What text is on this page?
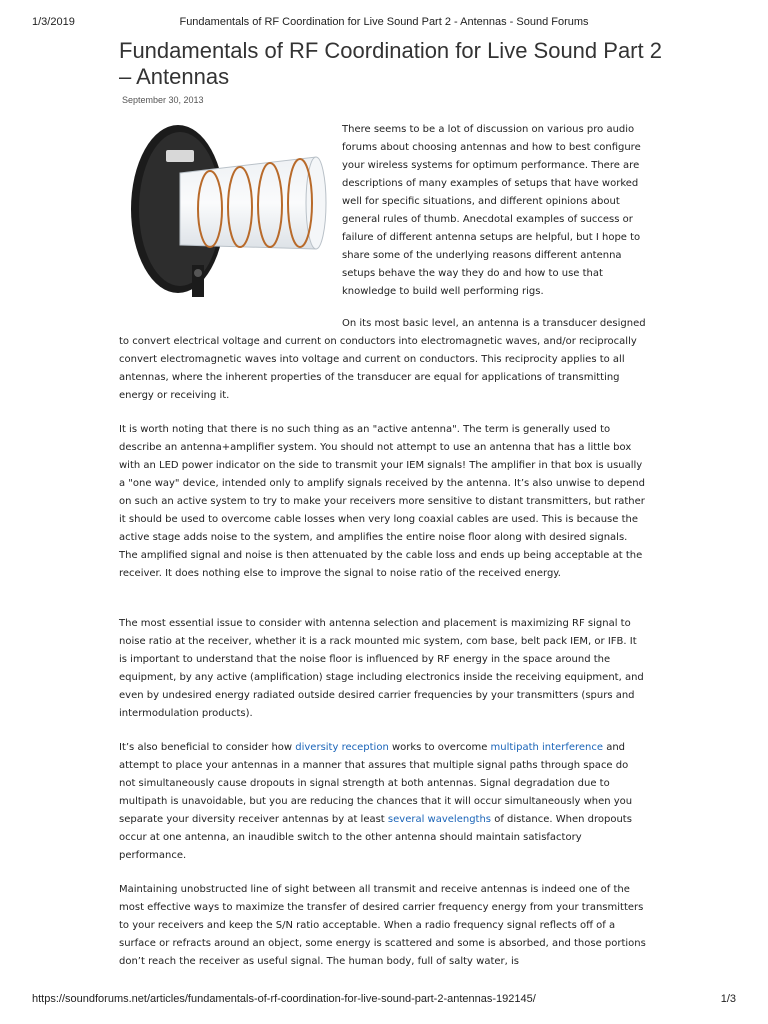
1/3/2019	Fundamentals of RF Coordination for Live Sound Part 2 - Antennas - Sound Forums
Fundamentals of RF Coordination for Live Sound Part 2 – Antennas
September 30, 2013

There seems to be a lot of discussion on various pro audio forums about choosing antennas and how to best configure your wireless systems for optimum performance. There are descriptions of many examples of setups that have worked well for specific situations, and different opinions about general rules of thumb. Anecdotal examples of success or failure of different antenna setups are helpful, but I hope to share some of the underlying reasons different antenna setups behave the way they do and how to use that knowledge to build well performing rigs.

On its most basic level, an antenna is a transducer designed to convert electrical voltage and current on conductors into electromagnetic waves, and/or reciprocally convert electromagnetic waves into voltage and current on conductors. This reciprocity applies to all antennas, where the inherent properties of the transducer are equal for applications of transmitting energy or receiving it.

It is worth noting that there is no such thing as an "active antenna". The term is generally used to describe an antenna+amplifier system. You should not attempt to use an antenna that has a little box with an LED power indicator on the side to transmit your IEM signals! The amplifier in that box is usually a "one way" device, intended only to amplify signals received by the antenna. It’s also unwise to depend on such an active system to try to make your receivers more sensitive to distant transmitters, but rather it should be used to overcome cable losses when very long coaxial cables are used. This is because the active stage adds noise to the system, and amplifies the entire noise floor along with desired signals. The amplified signal and noise is then attenuated by the cable loss and ends up being acceptable at the receiver. It does nothing else to improve the signal to noise ratio of the received energy.

The most essential issue to consider with antenna selection and placement is maximizing RF signal to noise ratio at the receiver, whether it is a rack mounted mic system, com base, belt pack IEM, or IFB. It is important to understand that the noise floor is influenced by RF energy in the space around the equipment, by any active (amplification) stage including electronics inside the receiving equipment, and even by undesired energy radiated outside desired carrier frequencies by your transmitters (spurs and intermodulation products).

It’s also beneficial to consider how diversity reception works to overcome multipath interference and attempt to place your antennas in a manner that assures that multiple signal paths through space do not simultaneously cause dropouts in signal strength at both antennas. Signal degradation due to multipath is unavoidable, but you are reducing the chances that it will occur simultaneously when you separate your diversity receiver antennas by at least several wavelengths of distance. When dropouts occur at one antenna, an inaudible switch to the other antenna should maintain satisfactory performance.

Maintaining unobstructed line of sight between all transmit and receive antennas is indeed one of the most effective ways to maximize the transfer of desired carrier frequency energy from your transmitters to your receivers and keep the S/N ratio acceptable. When a radio frequency signal reflects off of a surface or refracts around an object, some energy is scattered and some is absorbed, and those portions don’t reach the receiver as useful signal. The human body, full of salty water, is

https://soundforums.net/articles/fundamentals-of-rf-coordination-for-live-sound-part-2-antennas-192145/	1/3
